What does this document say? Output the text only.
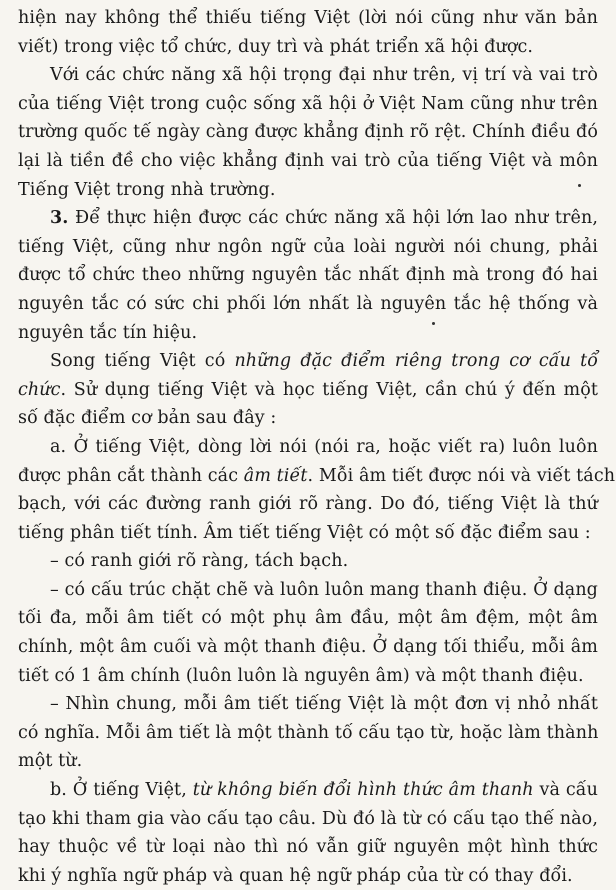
hiện nay không thể thiếu tiếng Việt (lời nói cũng như văn bản
viết) trong việc tổ chức, duy trì và phát triển xã hội được.
Với các chức năng xã hội trọng đại như trên, vị trí và vai trò
của tiếng Việt trong cuộc sống xã hội ở Việt Nam cũng như trên
trường quốc tế ngày càng được khẳng định rõ rệt. Chính điều đó
lại là tiền đề cho việc khẳng định vai trò của tiếng Việt và môn
Tiếng Việt trong nhà trường.
3. Để thực hiện được các chức năng xã hội lớn lao như trên,
tiếng Việt, cũng như ngôn ngữ của loài người nói chung, phải
được tổ chức theo những nguyên tắc nhất định mà trong đó hai
nguyên tắc có sức chi phối lớn nhất là nguyên tắc hệ thống và
nguyên tắc tín hiệu.
Song tiếng Việt có những đặc điểm riêng trong cơ cấu tổ
chức. Sử dụng tiếng Việt và học tiếng Việt, cần chú ý đến một
số đặc điểm cơ bản sau đây :
a. Ở tiếng Việt, dòng lời nói (nói ra, hoặc viết ra) luôn luôn
được phân cắt thành các âm tiết. Mỗi âm tiết được nói và viết tách
bạch, với các đường ranh giới rõ ràng. Do đó, tiếng Việt là thứ
tiếng phân tiết tính. Âm tiết tiếng Việt có một số đặc điểm sau :
– có ranh giới rõ ràng, tách bạch.
– có cấu trúc chặt chẽ và luôn luôn mang thanh điệu. Ở dạng
tối đa, mỗi âm tiết có một phụ âm đầu, một âm đệm, một âm
chính, một âm cuối và một thanh điệu. Ở dạng tối thiểu, mỗi âm
tiết có 1 âm chính (luôn luôn là nguyên âm) và một thanh điệu.
– Nhìn chung, mỗi âm tiết tiếng Việt là một đơn vị nhỏ nhất
có nghĩa. Mỗi âm tiết là một thành tố cấu tạo từ, hoặc làm thành
một từ.
b. Ở tiếng Việt, từ không biến đổi hình thức âm thanh và cấu
tạo khi tham gia vào cấu tạo câu. Dù đó là từ có cấu tạo thế nào,
hay thuộc về từ loại nào thì nó vẫn giữ nguyên một hình thức
khi ý nghĩa ngữ pháp và quan hệ ngữ pháp của từ có thay đổi.
